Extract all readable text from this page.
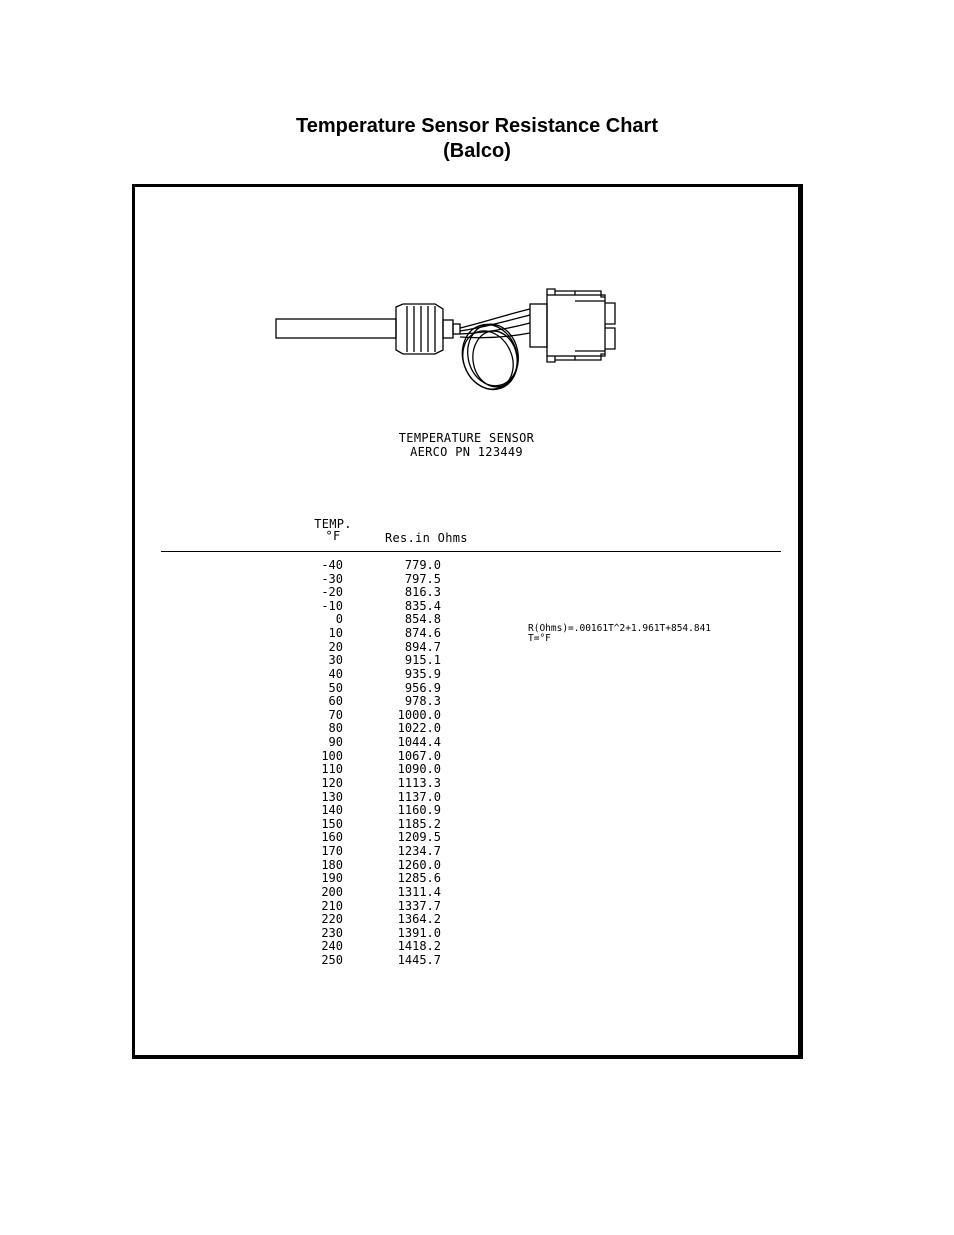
Temperature Sensor Resistance Chart
(Balco)
TEMPERATURE SENSOR
AERCO PN 123449
TEMP.
°F	Res.in Ohms
-40	779.0
-30	797.5
-20	816.3
-10	835.4
0	854.8
10	874.6
20	894.7
30	915.1
40	935.9
50	956.9
60	978.3
70	1000.0
80	1022.0
90	1044.4
100	1067.0
110	1090.0
120	1113.3
130	1137.0
140	1160.9
150	1185.2
160	1209.5
170	1234.7
180	1260.0
190	1285.6
200	1311.4
210	1337.7
220	1364.2
230	1391.0
240	1418.2
250	1445.7
R(Ohms)=.00161T^2+1.961T+854.841
T=°F
